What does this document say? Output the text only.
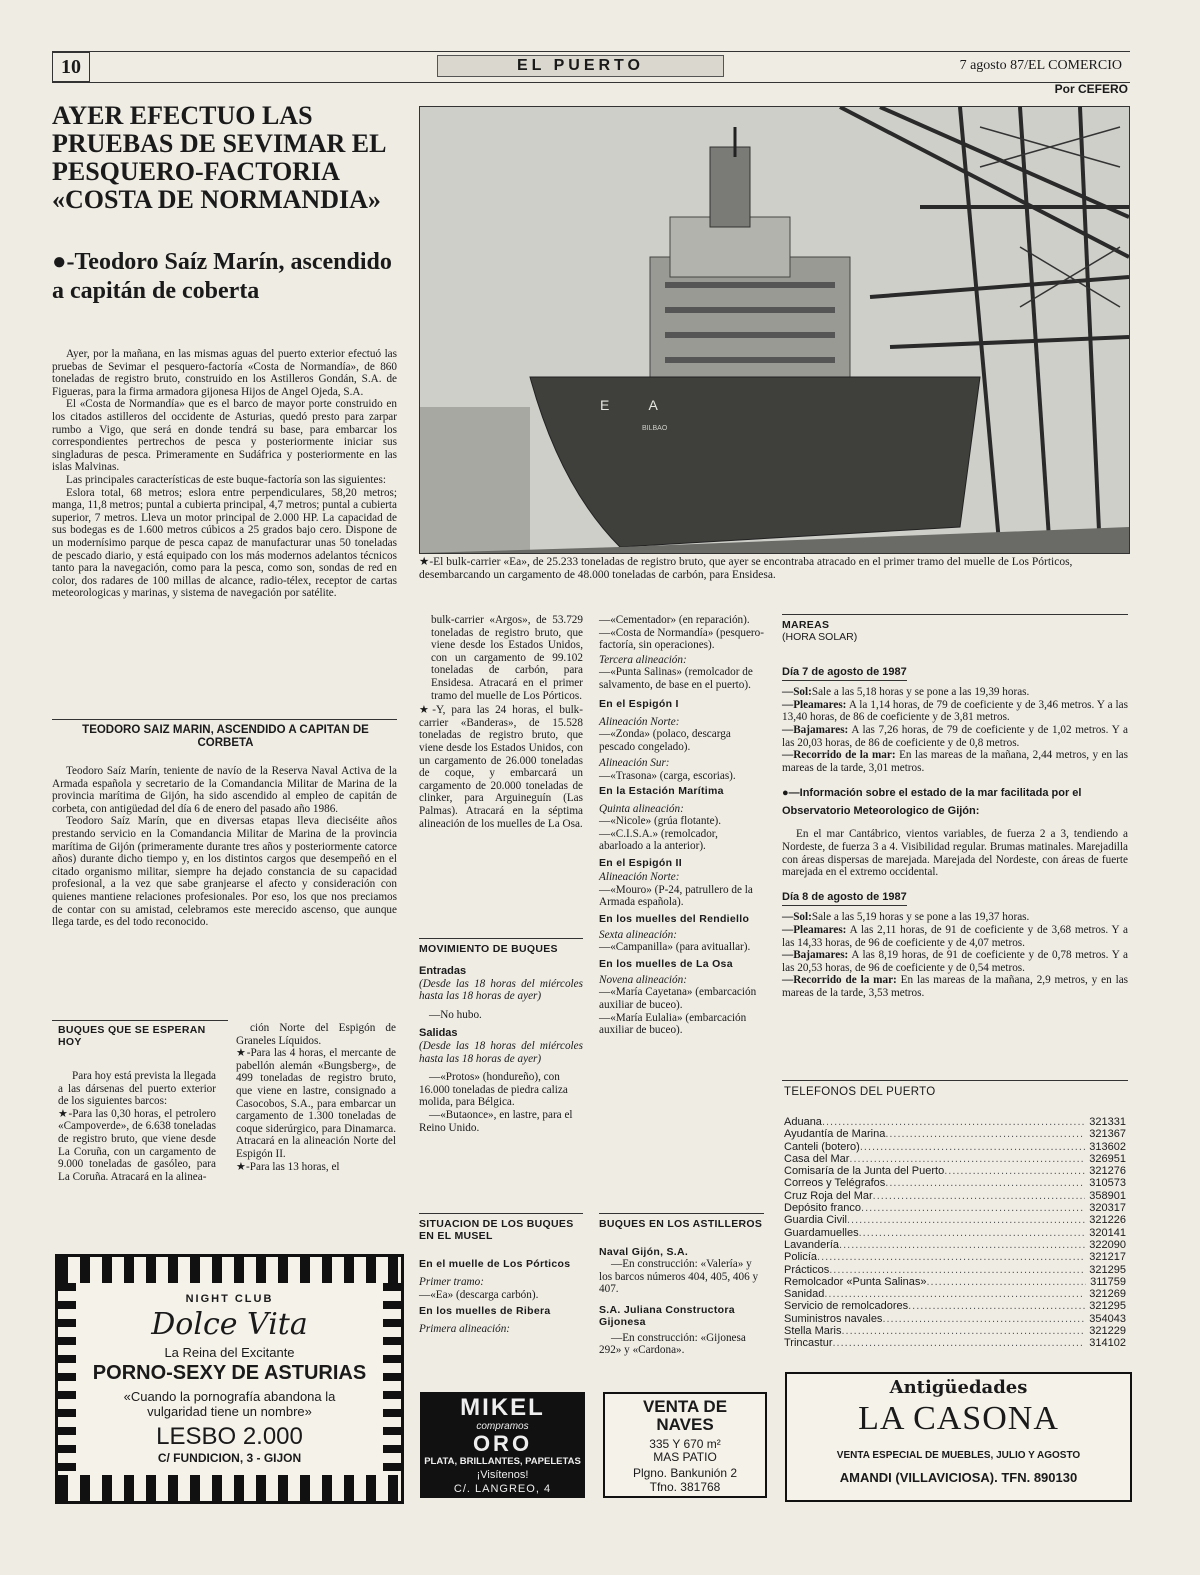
10	EL PUERTO	7 agosto 87/EL COMERCIO
Por CEFERO
AYER EFECTUO LAS PRUEBAS DE SEVIMAR EL PESQUERO-FACTORIA «COSTA DE NORMANDIA»
●-Teodoro Saíz Marín, ascendido a capitán de coberta

Ayer, por la mañana, en las mismas aguas del puerto exterior efectuó las pruebas de Sevimar el pesquero-factoría «Costa de Normandía», de 860 toneladas de registro bruto, construido en los Astilleros Gondán, S.A. de Figueras, para la firma armadora gijonesa Hijos de Angel Ojeda, S.A.

El «Costa de Normandía» que es el barco de mayor porte construido en los citados astilleros del occidente de Asturias, quedó presto para zarpar rumbo a Vigo, que será en donde tendrá su base, para embarcar los correspondientes pertrechos de pesca y posteriormente iniciar sus singladuras de pesca. Primeramente en Sudáfrica y posteriormente en las islas Malvinas.

Las principales características de este buque-factoría son las siguientes:

Eslora total, 68 metros; eslora entre perpendiculares, 58,20 metros; manga, 11,8 metros; puntal a cubierta principal, 4,7 metros; puntal a cubierta superior, 7 metros. Lleva un motor principal de 2.000 HP. La capacidad de sus bodegas es de 1.600 metros cúbicos a 25 grados bajo cero. Dispone de un modernísimo parque de pesca capaz de manufacturar unas 50 toneladas de pescado diario, y está equipado con los más modernos adelantos técnicos tanto para la navegación, como para la pesca, como son, sondas de red en color, dos radares de 100 millas de alcance, radio-télex, receptor de cartas meteorologicas y marinas, y sistema de navegación por satélite.

TEODORO SAIZ MARIN, ASCENDIDO A CAPITAN DE CORBETA

Teodoro Saíz Marín, teniente de navío de la Reserva Naval Activa de la Armada española y secretario de la Comandancia Militar de Marina de la provincia marítima de Gijón, ha sido ascendido al empleo de capitán de corbeta, con antigüedad del día 6 de enero del pasado año 1986.

Teodoro Saíz Marín, que en diversas etapas lleva dieciséite años prestando servicio en la Comandancia Militar de Marina de la provincia marítima de Gijón (primeramente durante tres años y posteriormente catorce años) durante dicho tiempo y, en los distintos cargos que desempeñó en el citado organismo militar, siempre ha dejado constancia de su capacidad profesional, a la vez que sabe granjearse el afecto y consideración con quienes mantiene relaciones profesionales. Por eso, los que nos preciamos de contar con su amistad, celebramos este merecido ascenso, que aunque llega tarde, es del todo reconocido.

E A
BILBAO
★-El bulk-carrier «Ea», de 25.233 toneladas de registro bruto, que ayer se encontraba atracado en el primer tramo del muelle de Los Pórticos, desembarcando un cargamento de 48.000 toneladas de carbón, para Ensidesa.
BUQUES QUE SE ESPERAN HOY

Para hoy está prevista la llegada a las dársenas del puerto exterior de los siguientes barcos:

★-Para las 0,30 horas, el petrolero «Campoverde», de 6.638 toneladas de registro bruto, que viene desde La Coruña, con un cargamento de 9.000 toneladas de gasóleo, para La Coruña. Atracará en la alinea-

ción Norte del Espigón de Graneles Líquidos.

★-Para las 4 horas, el mercante de pabellón alemán «Bungsberg», de 499 toneladas de registro bruto, que viene en lastre, consignado a Casocobos, S.A., para embarcar un cargamento de 1.300 toneladas de coque siderúrgico, para Dinamarca. Atracará en la alineación Norte del Espigón II.

★-Para las 13 horas, el

bulk-carrier «Argos», de 53.729 toneladas de registro bruto, que viene desde los Estados Unidos, con un cargamento de 99.102 toneladas de carbón, para Ensidesa. Atracará en el primer tramo del muelle de Los Pórticos.

★-Y, para las 24 horas, el bulk-carrier «Banderas», de 15.528 toneladas de registro bruto, que viene desde los Estados Unidos, con un cargamento de 26.000 toneladas de coque, y embarcará un cargamento de 20.000 toneladas de clinker, para Arguineguín (Las Palmas). Atracará en la séptima alineación de los muelles de La Osa.

MOVIMIENTO DE BUQUES
Entradas
(Desde las 18 horas del miércoles hasta las 18 horas de ayer)
—No hubo.
Salidas
(Desde las 18 horas del miércoles hasta las 18 horas de ayer)
—«Protos» (hondureño), con 16.000 toneladas de piedra caliza molida, para Bélgica.
—«Butaonce», en lastre, para el Reino Unido.
SITUACION DE LOS BUQUES EN EL MUSEL
En el muelle de Los Pórticos
Primer tramo:
—«Ea» (descarga carbón).
En los muelles de Ribera
Primera alineación:
—«Cementador» (en reparación).
—«Costa de Normandía» (pesquero-factoría, sin operaciones).
Tercera alineación:
—«Punta Salinas» (remolcador de salvamento, de base en el puerto).
En el Espigón I
Alineación Norte:
—«Zonda» (polaco, descarga pescado congelado).
Alineación Sur:
—«Trasona» (carga, escorias).
En la Estación Marítima
Quinta alineación:
—«Nicole» (grúa flotante).
—«C.I.S.A.» (remolcador, abarloado a la anterior).
En el Espigón II
Alineación Norte:
—«Mouro» (P-24, patrullero de la Armada española).
En los muelles del Rendiello
Sexta alineación:
—«Campanilla» (para avituallar).
En los muelles de La Osa
Novena alineación:
—«María Cayetana» (embarcación auxiliar de buceo).
—«María Eulalia» (embarcación auxiliar de buceo).
BUQUES EN LOS ASTILLEROS
Naval Gijón, S.A.
—En construcción: «Valería» y los barcos números 404, 405, 406 y 407.
S.A. Juliana Constructora Gijonesa
—En construcción: «Gijonesa 292» y «Cardona».
MAREAS
(HORA SOLAR)
Día 7 de agosto de 1987
—Sol:Sale a las 5,18 horas y se pone a las 19,39 horas.
—Pleamares: A la 1,14 horas, de 79 de coeficiente y de 3,46 metros. Y a las 13,40 horas, de 86 de coeficiente y de 3,81 metros.
—Bajamares: A las 7,26 horas, de 79 de coeficiente y de 1,02 metros. Y a las 20,03 horas, de 86 de coeficiente y de 0,8 metros.
—Recorrido de la mar: En las mareas de la mañana, 2,44 metros, y en las mareas de la tarde, 3,01 metros.
●—Información sobre el estado de la mar facilitada por el Observatorio Meteorologico de Gijón:

En el mar Cantábrico, vientos variables, de fuerza 2 a 3, tendiendo a Nordeste, de fuerza 3 a 4. Visibilidad regular. Brumas matinales. Marejadilla con áreas dispersas de marejada. Marejada del Nordeste, con áreas de fuerte marejada en el extremo occidental.

Día 8 de agosto de 1987
—Sol:Sale a las 5,19 horas y se pone a las 19,37 horas.
—Pleamares: A las 2,11 horas, de 91 de coeficiente y de 3,68 metros. Y a las 14,33 horas, de 96 de coeficiente y de 4,07 metros.
—Bajamares: A las 8,19 horas, de 91 de coeficiente y de 0,78 metros. Y a las 20,53 horas, de 96 de coeficiente y de 0,54 metros.
—Recorrido de la mar: En las mareas de la mañana, 2,9 metros, y en las mareas de la tarde, 3,53 metros.
TELEFONOS DEL PUERTO
Aduana .....	321331
Ayudantía de Marina .....	321367
Canteli (botero) .....	313602
Casa del Mar .....	326951
Comisaría de la Junta del Puerto .....	321276
Correos y Telégrafos .....	310573
Cruz Roja del Mar .....	358901
Depósito franco .....	320317
Guardia Civil .....	321226
Guardamuelles .....	320141
Lavandería .....	322090
Policía .....	321217
Prácticos .....	321295
Remolcador «Punta Salinas» .....	311759
Sanidad .....	321269
Servicio de remolcadores .....	321295
Suministros navales .....	354043
Stella Maris .....	321229
Trincastur .....	314102
NIGHT CLUB
Dolce Vita
La Reina del Excitante
PORNO-SEXY DE ASTURIAS
«Cuando la pornografía abandona la vulgaridad tiene un nombre»
LESBO 2.000
C/ FUNDICION, 3 - GIJON
MIKEL
compramos
ORO
PLATA, BRILLANTES, PAPELETAS
¡Visítenos!
C/. LANGREO, 4
VENTA DE
NAVES
335 Y 670 m²
MAS PATIO
Plgno. Bankunión 2
Tfno. 381768
Antigüedades
LA CASONA
VENTA ESPECIAL DE MUEBLES, JULIO Y AGOSTO
AMANDI (VILLAVICIOSA). TFN. 890130
